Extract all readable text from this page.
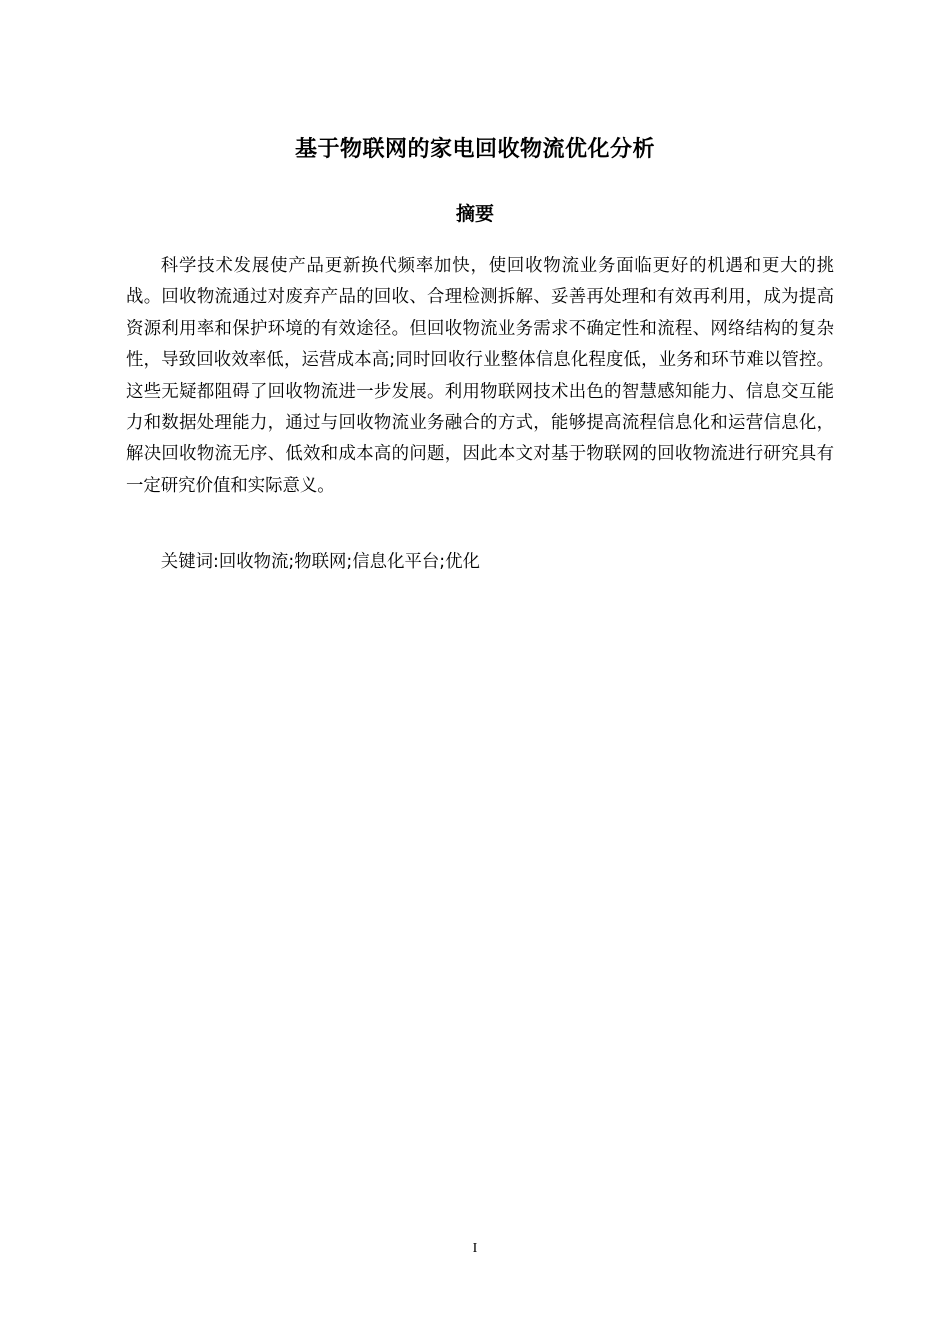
基于物联网的家电回收物流优化分析
摘要

科学技术发展使产品更新换代频率加快，使回收物流业务面临更好的机遇和更大的挑战。回收物流通过对废弃产品的回收、合理检测拆解、妥善再处理和有效再利用，成为提高资源利用率和保护环境的有效途径。但回收物流业务需求不确定性和流程、网络结构的复杂性，导致回收效率低，运营成本高;同时回收行业整体信息化程度低，业务和环节难以管控。这些无疑都阻碍了回收物流进一步发展。利用物联网技术出色的智慧感知能力、信息交互能力和数据处理能力，通过与回收物流业务融合的方式，能够提高流程信息化和运营信息化，解决回收物流无序、低效和成本高的问题，因此本文对基于物联网的回收物流进行研究具有一定研究价值和实际意义。

关键词:回收物流;物联网;信息化平台;优化

I
